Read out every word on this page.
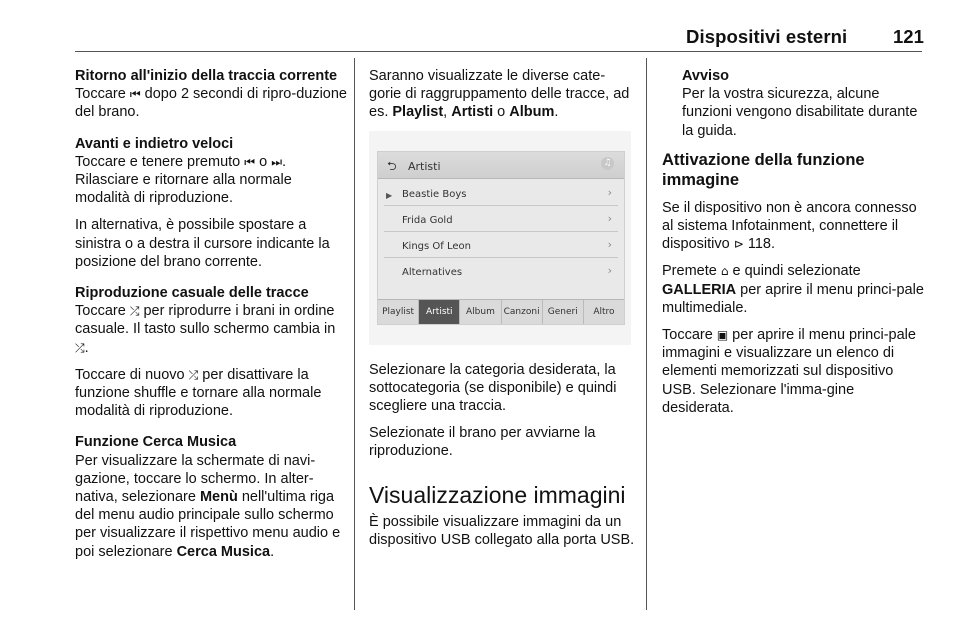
Dispositivi esterni 121

Ritorno all'inizio della traccia corrente
Toccare ⏮ dopo 2 secondi di ripro-duzione del brano.

Avanti e indietro veloci
Toccare e tenere premuto ⏮ o ⏭. Rilasciare e ritornare alla normale modalità di riproduzione.

In alternativa, è possibile spostare a sinistra o a destra il cursore indicante la posizione del brano corrente.

Riproduzione casuale delle tracce
Toccare ⤮ per riprodurre i brani in ordine casuale. Il tasto sullo schermo cambia in ⤮.

Toccare di nuovo ⤮ per disattivare la funzione shuffle e tornare alla normale modalità di riproduzione.

Funzione Cerca Musica
Per visualizzare la schermate di navi-gazione, toccare lo schermo. In alter-nativa, selezionare Menù nell'ultima riga del menu audio principale sullo schermo per visualizzare il rispettivo menu audio e poi selezionare Cerca Musica.

Saranno visualizzate le diverse cate-gorie di raggruppamento delle tracce, ad es. Playlist, Artisti o Album.

⮌ Artisti	♫
▶ Beastie Boys	›
Frida Gold	›
Kings Of Leon	›
Alternatives	›
Playlist	Artisti	Album Canzoni Generi	Altro

Selezionare la categoria desiderata, la sottocategoria (se disponibile) e quindi scegliere una traccia.

Selezionate il brano per avviarne la riproduzione.

Visualizzazione immagini

È possibile visualizzare immagini da un dispositivo USB collegato alla porta USB.

Avviso
Per la vostra sicurezza, alcune funzioni vengono disabilitate durante la guida.
Attivazione della funzione immagine

Se il dispositivo non è ancora connesso al sistema Infotainment, connettere il dispositivo ⊳ 118.

Premete ⌂ e quindi selezionate GALLERIA per aprire il menu princi-pale multimediale.

Toccare ▣ per aprire il menu princi-pale immagini e visualizzare un elenco di elementi memorizzati sul dispositivo USB. Selezionare l'imma-gine desiderata.
